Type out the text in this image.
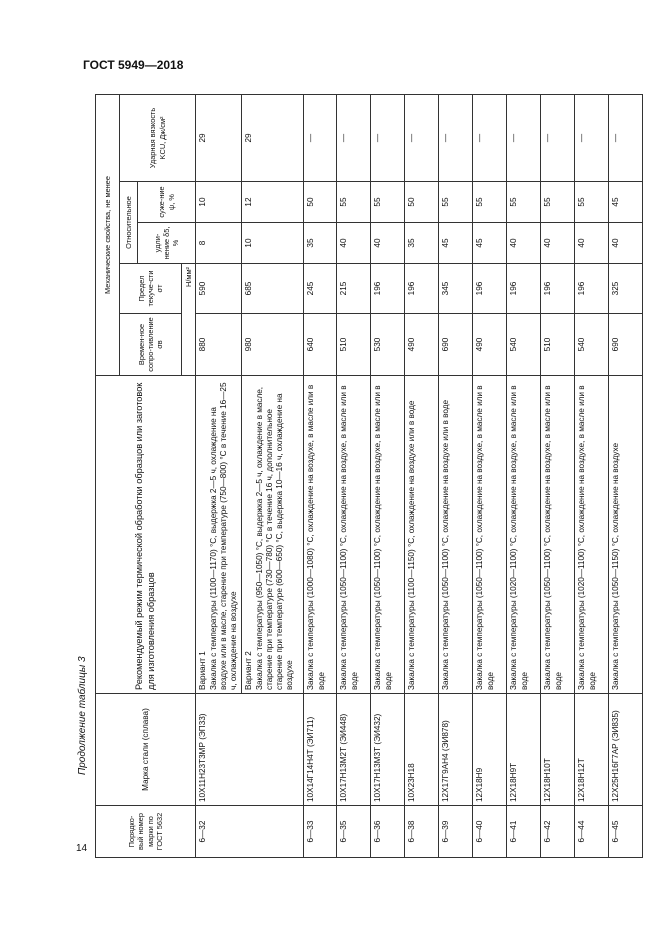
ГОСТ 5949—2018
Продолжение таблицы 3
14
Порядко-вый номер марки по ГОСТ 5632	Марка стали (сплава)	Рекомендуемый режим термической обработки образцов или заготовок для изготовления образцов	Механические свойства, не менее				
			Времен-ное сопро-тивление σв	Предел текуче-сти σт	Относительное		Ударная вязкость KCU, Дж/см²
					удли-нение δ5, %	суже-ние ψ, %	
			Н/мм²				
6—32	10Х11Н23Т3МР (ЭП33)	Вариант 1
Закалка с температуры (1100—1170) °С, выдержка 2—5 ч, охлаждение на воздухе или в масле, старение при температуре (750—800) °С в течение 16—25 ч, охлаждение на воздухе	880	590	8	10	29
		Вариант 2
Закалка с температуры (950—1050) °С, выдержка 2—5 ч, охлаждение в масле, старение при температуре (730—780) °С в течение 16 ч, дополнительное старение при температуре (600—650) °С, выдержка 10—16 ч, охлаждение на воздухе	980	685	10	12	29
6—33	10Х14Г14Н4Т (ЭИ711)	Закалка с температуры (1000—1080) °С, охлаждение на воздухе, в масле или в воде	640	245	35	50	—
6—35	10Х17Н13М2Т (ЭИ448)	Закалка с температуры (1050—1100) °С, охлаждение на воздухе, в масле или в воде	510	215	40	55	—
6—36	10Х17Н13М3Т (ЭИ432)	Закалка с температуры (1050—1100) °С, охлаждение на воздухе, в масле или в воде	530	196	40	55	—
6—38	10Х23Н18	Закалка с температуры (1100—1150) °С, охлаждение на воздухе или в воде	490	196	35	50	—
6—39	12Х17Г9АН4 (ЭИ878)	Закалка с температуры (1050—1100) °С, охлаждение на воздухе или в воде	690	345	45	55	—
6—40	12Х18Н9	Закалка с температуры (1050—1100) °С, охлаждение на воздухе, в масле или в воде	490	196	45	55	—
6—41	12Х18Н9Т	Закалка с температуры (1020—1100) °С, охлаждение на воздухе, в масле или в воде	540	196	40	55	—
6—42	12Х18Н10Т	Закалка с температуры (1050—1100) °С, охлаждение на воздухе, в масле или в воде	510	196	40	55	—
6—44	12Х18Н12Т	Закалка с температуры (1020—1100) °С, охлаждение на воздухе, в масле или в воде	540	196	40	55	—
6—45	12Х25Н16Г7АР (ЭИ835)	Закалка с температуры (1050—1150) °С, охлаждение на воздухе	690	325	40	45	—
